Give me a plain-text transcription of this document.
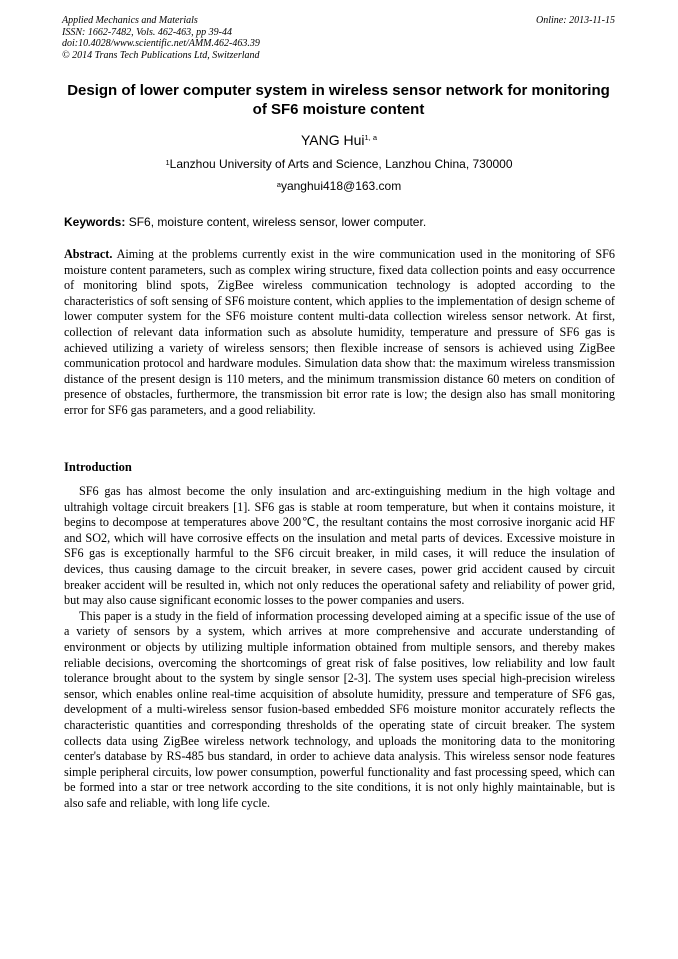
Applied Mechanics and Materials
ISSN: 1662-7482, Vols. 462-463, pp 39-44
doi:10.4028/www.scientific.net/AMM.462-463.39
© 2014 Trans Tech Publications Ltd, Switzerland
Online: 2013-11-15
Design of lower computer system in wireless sensor network for monitoring of SF6 moisture content
YANG Hui$^{1, a}$
$^1$Lanzhou University of Arts and Science, Lanzhou China, 730000
$^a$yanghui418@163.com
Keywords: SF6, moisture content, wireless sensor, lower computer.
Abstract. Aiming at the problems currently exist in the wire communication used in the monitoring of SF6 moisture content parameters, such as complex wiring structure, fixed data collection points and easy occurrence of monitoring blind spots, ZigBee wireless communication technology is adopted according to the characteristics of soft sensing of SF6 moisture content, which applies to the implementation of design scheme of lower computer system for the SF6 moisture content multi-data collection wireless sensor network. At first, collection of relevant data information such as absolute humidity, temperature and pressure of SF6 gas is achieved utilizing a variety of wireless sensors; then flexible increase of sensors is achieved using ZigBee communication protocol and hardware modules. Simulation data show that: the maximum wireless transmission distance of the present design is 110 meters, and the minimum transmission distance 60 meters on condition of presence of obstacles, furthermore, the transmission bit error rate is low; the design also has small monitoring error for SF6 gas parameters, and a good reliability.
Introduction

SF6 gas has almost become the only insulation and arc-extinguishing medium in the high voltage and ultrahigh voltage circuit breakers [1]. SF6 gas is stable at room temperature, but when it contains moisture, it begins to decompose at temperatures above 200℃, the resultant contains the most corrosive inorganic acid HF and SO2, which will have corrosive effects on the insulation and metal parts of devices. Excessive moisture in SF6 gas is exceptionally harmful to the SF6 circuit breaker, in mild cases, it will reduce the insulation of devices, thus causing damage to the circuit breaker, in severe cases, power grid accident caused by circuit breaker accident will be resulted in, which not only reduces the operational safety and reliability of power grid, but may also cause significant economic losses to the power companies and users.

This paper is a study in the field of information processing developed aiming at a specific issue of the use of a variety of sensors by a system, which arrives at more comprehensive and accurate understanding of environment or objects by utilizing multiple information obtained from multiple sensors, and thereby makes reliable decisions, overcoming the shortcomings of great risk of false positives, low reliability and low fault tolerance brought about to the system by single sensor [2-3]. The system uses special high-precision wireless sensor, which enables online real-time acquisition of absolute humidity, pressure and temperature of SF6 gas, development of a multi-wireless sensor fusion-based embedded SF6 moisture monitor accurately reflects the characteristic quantities and corresponding thresholds of the operating state of circuit breaker. The system collects data using ZigBee wireless network technology, and uploads the monitoring data to the monitoring center's database by RS-485 bus standard, in order to achieve data analysis. This wireless sensor node features simple peripheral circuits, low power consumption, powerful functionality and fast processing speed, which can be formed into a star or tree network according to the site conditions, it is not only highly maintainable, but is also safe and reliable, with long life cycle.
